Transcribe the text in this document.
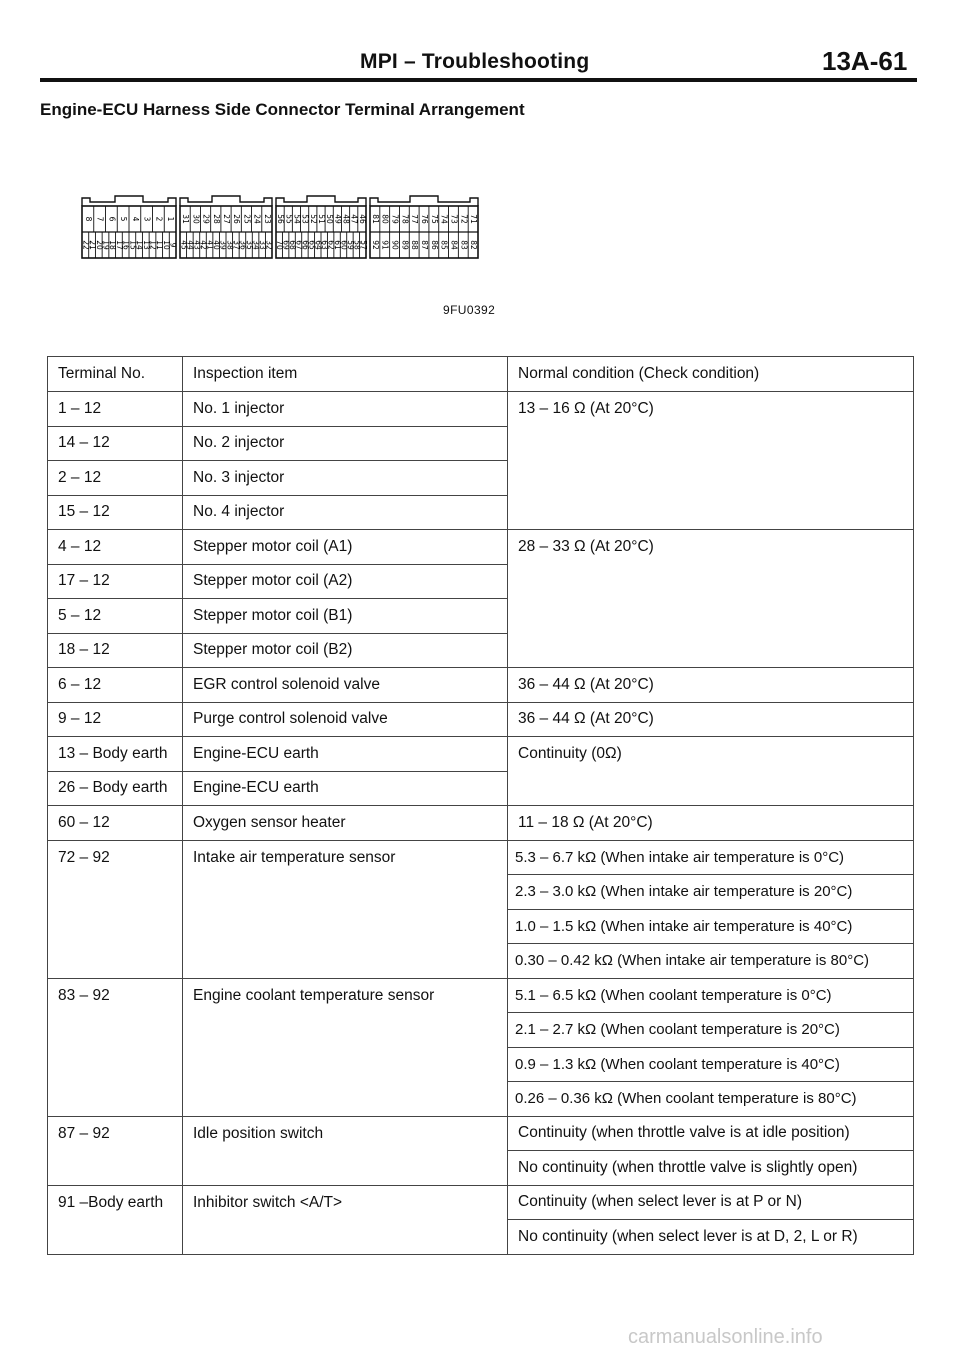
MPI – Troubleshooting	13A-61
Engine-ECU Harness Side Connector Terminal Arrangement
8 7 6 5 4 3 2 1
22
21
20
19
18
17
16
15
14
13
12
11
10
9
31 30 29 28 27 26 25 24 23
45
44
43
42
41
40
39
38
37
36
35
34
33
32
56 55 54 53 52 51 50 49 48 47 46
70
69
68
67
66
65
64
63
62
61
60
59
58
57
81 80 79 78 77 76 75 74 73 72 71
92 91 90 89 88 87 86 85 84 83 82
9FU0392
Terminal No.	Inspection item	Normal condition (Check condition)
1 – 12	No. 1 injector	13 – 16 Ω (At 20°C)
14 – 12	No. 2 injector	
2 – 12	No. 3 injector	
15 – 12	No. 4 injector	
4 – 12	Stepper motor coil (A1)	28 – 33 Ω (At 20°C)
17 – 12	Stepper motor coil (A2)	
5 – 12	Stepper motor coil (B1)	
18 – 12	Stepper motor coil (B2)	
6 – 12	EGR control solenoid valve	36 – 44 Ω (At 20°C)
9 – 12	Purge control solenoid valve	36 – 44 Ω (At 20°C)
13 – Body earth	Engine-ECU earth	Continuity (0Ω)
26 – Body earth	Engine-ECU earth	
60 – 12	Oxygen sensor heater	11 – 18 Ω (At 20°C)
72 – 92	Intake air temperature sensor	5.3 – 6.7 kΩ (When intake air temperature is 0°C)
		2.3 – 3.0 kΩ (When intake air temperature is 20°C)
		1.0 – 1.5 kΩ (When intake air temperature is 40°C)
		0.30 – 0.42 kΩ (When intake air temperature is 80°C)
83 – 92	Engine coolant temperature sensor	5.1 – 6.5 kΩ (When coolant temperature is 0°C)
		2.1 – 2.7 kΩ (When coolant temperature is 20°C)
		0.9 – 1.3 kΩ (When coolant temperature is 40°C)
		0.26 – 0.36 kΩ (When coolant temperature is 80°C)
87 – 92	Idle position switch	Continuity (when throttle valve is at idle position)
		No continuity (when throttle valve is slightly open)
91 –Body earth	Inhibitor switch <A/T>	Continuity (when select lever is at P or N)
		No continuity (when select lever is at D, 2, L or R)
carmanualsonline.info
